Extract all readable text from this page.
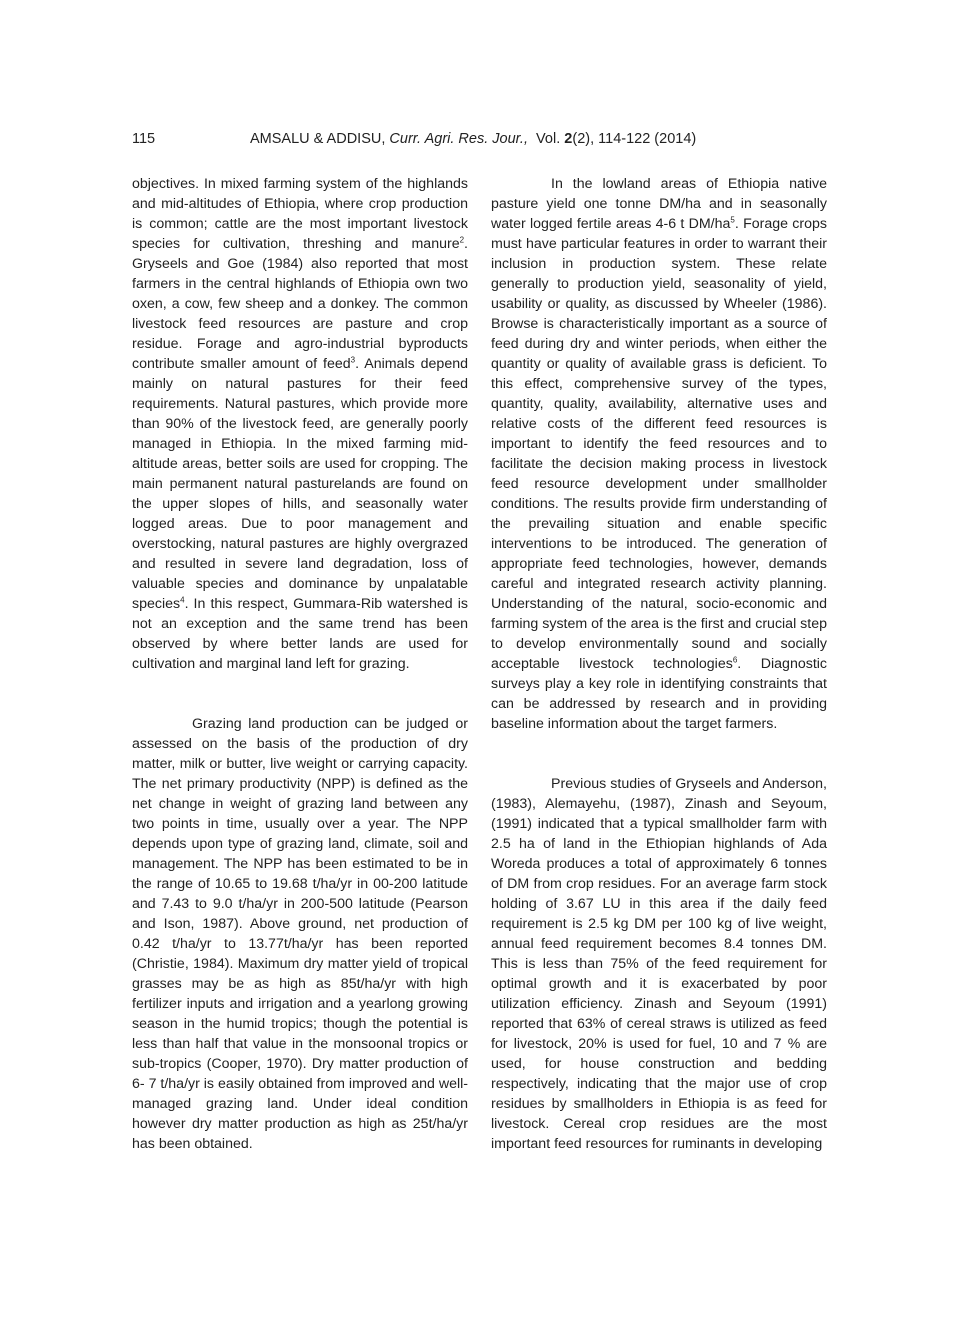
115	AMSALU & ADDISU, Curr. Agri. Res. Jour.,  Vol. 2(2), 114-122 (2014)

objectives. In mixed farming system of the highlands and mid-altitudes of Ethiopia, where crop production is common; cattle are the most important livestock species for cultivation, threshing and manure$^2$. Gryseels and Goe (1984) also reported that most farmers in the central highlands of Ethiopia own two oxen, a cow, few sheep and a donkey. The common livestock feed resources are pasture and crop residue. Forage and agro-industrial byproducts contribute smaller amount of feed$^3$. Animals depend mainly on natural pastures for their feed requirements. Natural pastures, which provide more than 90% of the livestock feed, are generally poorly managed in Ethiopia. In the mixed farming mid-altitude areas, better soils are used for cropping. The main permanent natural pasturelands are found on the upper slopes of hills, and seasonally water logged areas. Due to poor management and overstocking, natural pastures are highly overgrazed and resulted in severe land degradation, loss of valuable species and dominance by unpalatable species$^4$. In this respect, Gummara-Rib watershed is not an exception and the same trend has been observed by where better lands are used for cultivation and marginal land left for grazing.

Grazing land production can be judged or assessed on the basis of the production of dry matter, milk or butter, live weight or carrying capacity. The net primary productivity (NPP) is defined as the net change in weight of grazing land between any two points in time, usually over a year. The NPP depends upon type of grazing land, climate, soil and management. The NPP has been estimated to be in the range of 10.65 to 19.68 t/ha/yr in 00-200 latitude and 7.43 to 9.0 t/ha/yr in 200-500 latitude (Pearson and Ison, 1987). Above ground, net production of 0.42 t/ha/yr to 13.77t/ha/yr has been reported (Christie, 1984). Maximum dry matter yield of tropical grasses may be as high as 85t/ha/yr with high fertilizer inputs and irrigation and a yearlong growing season in the humid tropics; though the potential is less than half that value in the monsoonal tropics or sub-tropics (Cooper, 1970). Dry matter production of 6- 7 t/ha/yr is easily obtained from improved and well-managed grazing land. Under ideal condition however dry matter production as high as 25t/ha/yr has been obtained.

In the lowland areas of Ethiopia native pasture yield one tonne DM/ha and in seasonally water logged fertile areas 4-6 t $DM/ha^5$. Forage crops must have particular features in order to warrant their inclusion in production system. These relate generally to production yield, seasonality of yield, usability or quality, as discussed by Wheeler (1986). Browse is characteristically important as a source of feed during dry and winter periods, when either the quantity or quality of available grass is deficient. To this effect, comprehensive survey of the types, quantity, quality, availability, alternative uses and relative costs of the different feed resources is important to identify the feed resources and to facilitate the decision making process in livestock feed resource development under smallholder conditions. The results provide firm understanding of the prevailing situation and enable specific interventions to be introduced. The generation of appropriate feed technologies, however, demands careful and integrated research activity planning. Understanding of the natural, socio-economic and farming system of the area is the first and crucial step to develop environmentally sound and socially acceptable livestock technologies$^6$. Diagnostic surveys play a key role in identifying constraints that can be addressed by research and in providing baseline information about the target farmers.

Previous studies of Gryseels and Anderson, (1983), Alemayehu, (1987), Zinash and Seyoum, (1991) indicated that a typical smallholder farm with 2.5 ha of land in the Ethiopian highlands of Ada Woreda produces a total of approximately 6 tonnes of DM from crop residues. For an average farm stock holding of 3.67 LU in this area if the daily feed requirement is 2.5 kg DM per 100 kg of live weight, annual feed requirement becomes 8.4 tonnes DM. This is less than 75% of the feed requirement for optimal growth and it is exacerbated by poor utilization efficiency. Zinash and Seyoum (1991) reported that 63% of cereal straws is utilized as feed for livestock, 20% is used for fuel, 10 and 7 % are used, for house construction and bedding respectively, indicating that the major use of crop residues by smallholders in Ethiopia is as feed for livestock. Cereal crop residues are the most important feed resources for ruminants in developing
